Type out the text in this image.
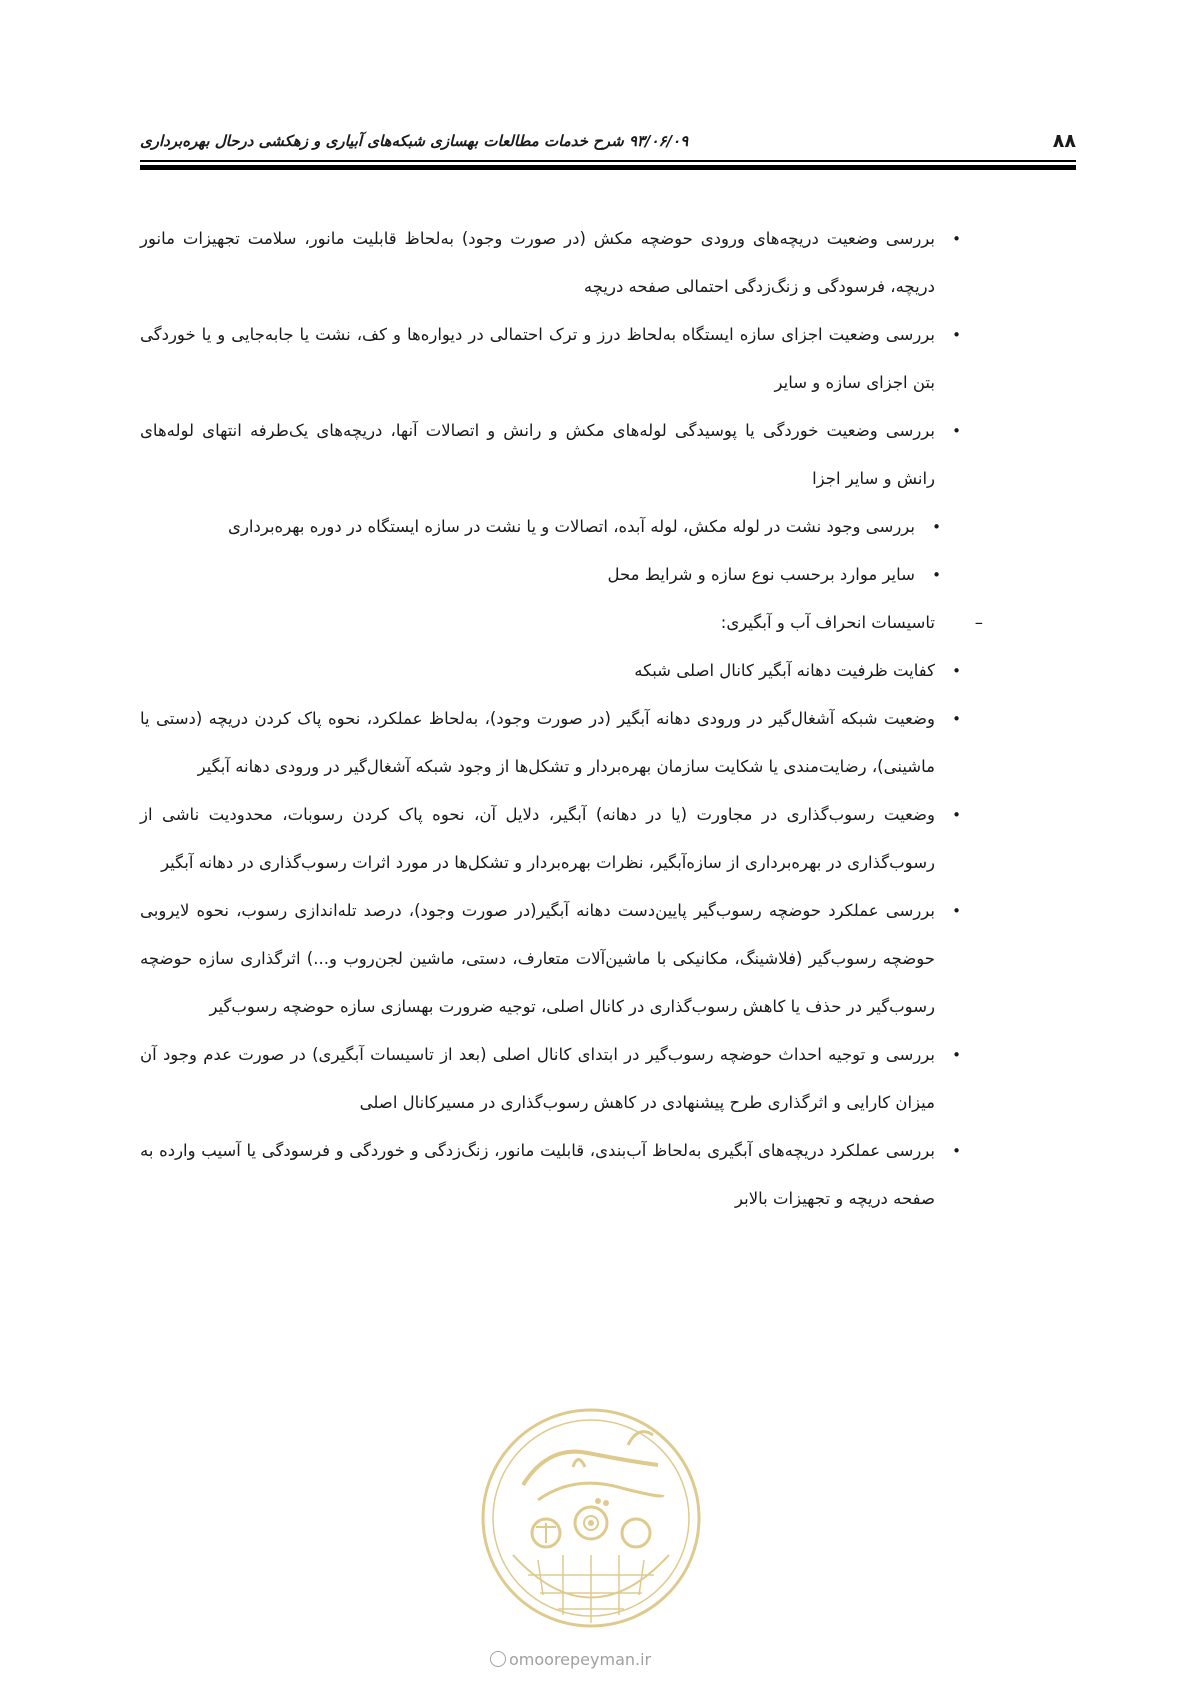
۸۸
۹۳/۰۶/۰۹ شرح خدمات مطالعات بهسازی شبکه‌های آبیاری و زهکشی درحال بهره‌برداری
•
بررسی وضعیت دریچه‌های ورودی حوضچه مکش (در صورت وجود) به‌لحاظ قابلیت مانور، سلامت تجهیزات مانور دریچه، فرسودگی و زنگ‌زدگی احتمالی صفحه دریچه
•
بررسی وضعیت اجزای سازه ایستگاه به‌لحاظ درز و ترک احتمالی در دیواره‌ها و کف، نشت یا جابه‌جایی و یا خوردگی بتن اجزای سازه و سایر
•
بررسی وضعیت خوردگی یا پوسیدگی لوله‌های مکش و رانش و اتصالات آنها، دریچه‌های یک‌طرفه انتهای لوله‌های رانش و سایر اجزا
•
بررسی وجود نشت در لوله مکش، لوله آبده، اتصالات و یا نشت در سازه ایستگاه در دوره بهره‌برداری
•
سایر موارد برحسب نوع سازه و شرایط محل
–
تاسیسات انحراف آب و آبگیری:
•
کفایت ظرفیت دهانه آبگیر کانال اصلی شبکه
•
وضعیت شبکه آشغال‌گیر در ورودی دهانه آبگیر (در صورت وجود)، به‌لحاظ عملکرد، نحوه پاک کردن دریچه (دستی یا ماشینی)، رضایت‌مندی یا شکایت سازمان بهره‌بردار و تشکل‌ها از وجود شبکه آشغال‌گیر در ورودی دهانه آبگیر
•
وضعیت رسوب‌گذاری در مجاورت (یا در دهانه) آبگیر، دلایل آن، نحوه پاک کردن رسوبات، محدودیت ناشی از رسوب‌گذاری در بهره‌برداری از سازه‌آبگیر، نظرات بهره‌بردار و تشکل‌ها در مورد اثرات رسوب‌گذاری در دهانه آبگیر
•
بررسی عملکرد حوضچه رسوب‌گیر پایین‌دست دهانه آبگیر(در صورت وجود)، درصد تله‌اندازی رسوب، نحوه لایروبی حوضچه رسوب‌گیر (فلاشینگ، مکانیکی با ماشین‌آلات متعارف، دستی، ماشین لجن‌روب و...) اثرگذاری سازه حوضچه رسوب‌گیر در حذف یا کاهش رسوب‌گذاری در کانال اصلی، توجیه ضرورت بهسازی سازه حوضچه رسوب‌گیر
•
بررسی و توجیه احداث حوضچه رسوب‌گیر در ابتدای کانال اصلی (بعد از تاسیسات آبگیری) در صورت عدم وجود آن میزان کارایی و اثرگذاری طرح پیشنهادی در کاهش رسوب‌گذاری در مسیرکانال اصلی
•
بررسی عملکرد دریچه‌های آبگیری به‌لحاظ آب‌بندی، قابلیت مانور، زنگ‌زدگی و خوردگی و فرسودگی یا آسیب وارده به صفحه دریچه و تجهیزات بالابر
omoorepeyman.ir
